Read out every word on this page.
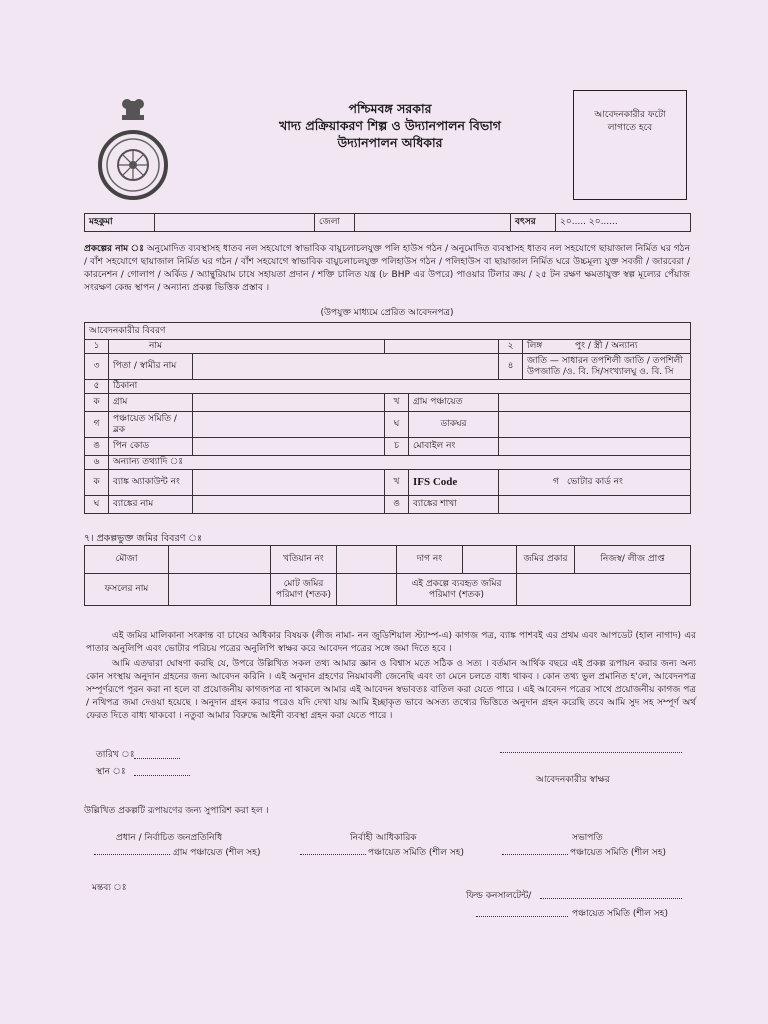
পশ্চিমবঙ্গ সরকার
খাদ্য প্রক্রিয়াকরণ শিল্প ও উদ্যানপালন বিভাগ
উদ্যানপালন অধিকার
আবেদনকারীর ফটো লাগাতে হবে
মহকুমা		জেলা		বৎসর	২০..... ২০......
প্রকল্পের নাম ঃ অনুমোদিত ব্যবস্থাসহ ধাতব নল সহযোগে স্বাভাবিক বায়ুচলাচলযুক্ত পলি হাউস গঠন / অনুমোদিত ব্যবস্থাসহ ধাতব নল সহযোগে ছায়াজাল নির্মিত ঘর গঠন / বাঁশ সহযোগে ছায়াজাল নির্মিত ঘর গঠন / বাঁশ সহযোগে স্বাভাবিক বায়ুচলাচলযুক্ত পলিহাউস গঠন / পলিহাউস বা ছায়াজাল নির্মিত ঘরে উচ্চমূল্য যুক্ত সবজী / জারবেরা / কারনেশন / গোলাপ / অর্কিড / অ্যান্থুরিয়াম চাষে সহায়তা প্রদান / শক্তি চালিত যন্ত্র (৮ BHP এর উপরে) পাওয়ার টিলার ক্রয় / ২৫ টন রক্ষণ ক্ষমতাযুক্ত স্বল্প মূল্যের পেঁয়াজ সংরক্ষণ কেন্দ্র স্থাপন / অন্যান্য প্রকল্প ভিত্তিক প্রস্তাব ।
(উপযুক্ত মাধ্যমে প্রেরিত আবেদনপত্র)
আবেদনকারীর বিবরণ						
১	নাম				২	লিঙ্গ পুং / স্ত্রী / অন্যান্য
৩	পিতা / স্বামীর নাম				৪	জাতি — সাধারন তপশিলী জাতি / তপশিলী উপজাতি /ও. বি. সি/সংখ্যালঘু ও. বি. সি
৫	ঠিকানা					
ক	গ্রাম		খ	গ্রাম পঞ্চায়েত		
গ	পঞ্চায়েত সমিতি / ব্লক		ঘ	ডাকঘর		
ঙ	পিন কোড		চ	মোবাইল নং		
৬	অন্যান্য তথ্যাদি ঃ					
ক	ব্যাঙ্ক অ্যাকাউন্ট নং		খ	IFS Code	গ ভোটার কার্ড নং	
ঘ	ব্যাঙ্কের নাম		ঙ	ব্যাঙ্কের শাখা		
৭। প্রকল্পভুক্ত জমির বিবরণ ঃ
মৌজা		খতিয়ান নং		দাগ নং		জমির প্রকার	নিজস্ব/ লীজ প্রাপ্ত
ফসলের নাম		মোট জমির পরিমাণ (শতক)		এই প্রকল্পে ব্যবহৃত জমির পরিমাণ (শতক)			
এই জমির মালিকানা সংক্রান্ত বা চাষের অধিকার বিষয়ক (লীজ নামা- নন জুডিশিয়াল স্ট্যাম্প-এ) কাগজ পত্র, ব্যাঙ্ক পাশবই এর প্রথম এবং আপডেট (হাল নাগাদ) এর পাতার অনুলিপি এবং ভোটার পরিচয় পত্রের অনুলিপি স্বাক্ষর করে আবেদন পত্রের সঙ্গে জমা দিতে হবে ।
আমি এতদ্বারা ঘোষণা করছি যে, উপরে উল্লিখিত সকল তথ্য আমার জ্ঞান ও বিশ্বাস মতে সঠিক ও সত্য । বর্তমান আর্থিক বছরে এই প্রকল্প রূপায়ন করার জন্য অন্য কোন সংস্থায় অনুদান গ্রহনের জন্য আবেদন করিনি । এই অনুদান গ্রহণের নিয়মাবলী জেনেছি এবং তা মেনে চলতে বাধ্য থাকব । কোন তথ্য ভুল প্রমানিত হ'লে, আবেদনপত্র সম্পূর্ণরূপে পূরন করা না হলে বা প্রয়োজনীয় কাগজপত্র না থাকলে আমার এই আবেদন স্বভাবতঃ বাতিল করা যেতে পারে । এই আবেদন পত্রের সাথে প্রয়োজনীয় কাগজ পত্র / নথিপত্র জমা দেওয়া হয়েছে । অনুদান গ্রহন করার পরেও যদি দেখা যায় আমি ইচ্ছাকৃত ভাবে অসত্য তথ্যের ভিত্তিতে অনুদান গ্রহন করেছি তবে আমি সুদ সহ সম্পূর্ণ অর্থ ফেরত দিতে বাধ্য থাকবো । নতুবা আমার বিরুদ্ধে আইনী ব্যবস্থা গ্রহন করা যেতে পারে ।
তারিখ ঃ
স্থান ঃ
আবেদনকারীর স্বাক্ষর
উল্লিখিত প্রকল্পটি রূপায়ণের জন্য সুপারিশ করা হল ।
প্রধান / নির্বাচিত জনপ্রতিনিধি
গ্রাম পঞ্চায়েত (শীল সহ)
নির্বাহী আধিকারিক
পঞ্চায়েত সমিতি (শীল সহ)
সভাপতি
পঞ্চায়েত সমিতি (শীল সহ)
মন্তব্য ঃ
ফিল্ড কনসালটেন্ট/
পঞ্চায়েত সমিতি (শীল সহ)
